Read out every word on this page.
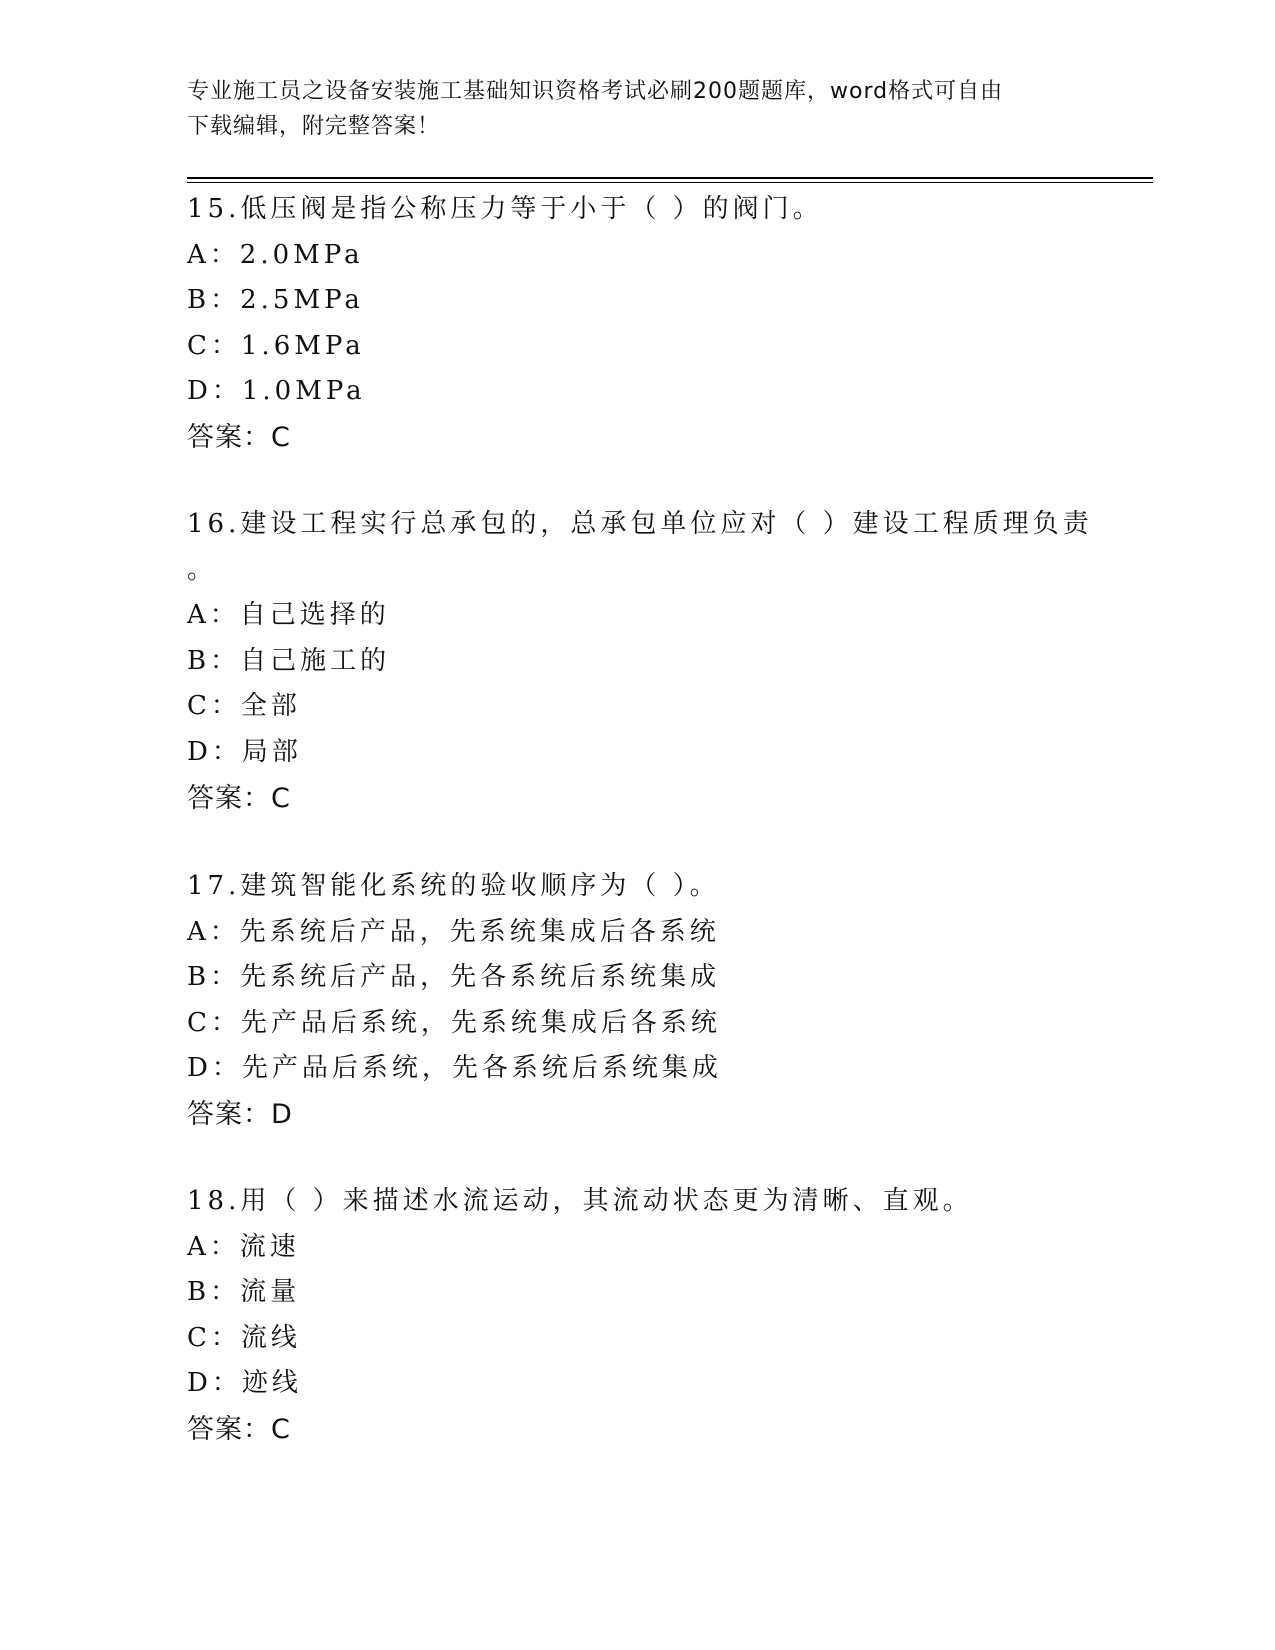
专业施工员之设备安装施工基础知识资格考试必刷200题题库，word格式可自由
下载编辑，附完整答案！
15.低压阀是指公称压力等于小于（ ）的阀门。
A：2.0MPa
B：2.5MPa
C：1.6MPa
D：1.0MPa
答案：C
16.建设工程实行总承包的，总承包单位应对（ ）建设工程质理负责
。
A：自己选择的
B：自己施工的
C：全部
D：局部
答案：C
17.建筑智能化系统的验收顺序为（ ）。
A：先系统后产品，先系统集成后各系统
B：先系统后产品，先各系统后系统集成
C：先产品后系统，先系统集成后各系统
D：先产品后系统，先各系统后系统集成
答案：D
18.用（ ）来描述水流运动，其流动状态更为清晰、直观。
A：流速
B：流量
C：流线
D：迹线
答案：C
